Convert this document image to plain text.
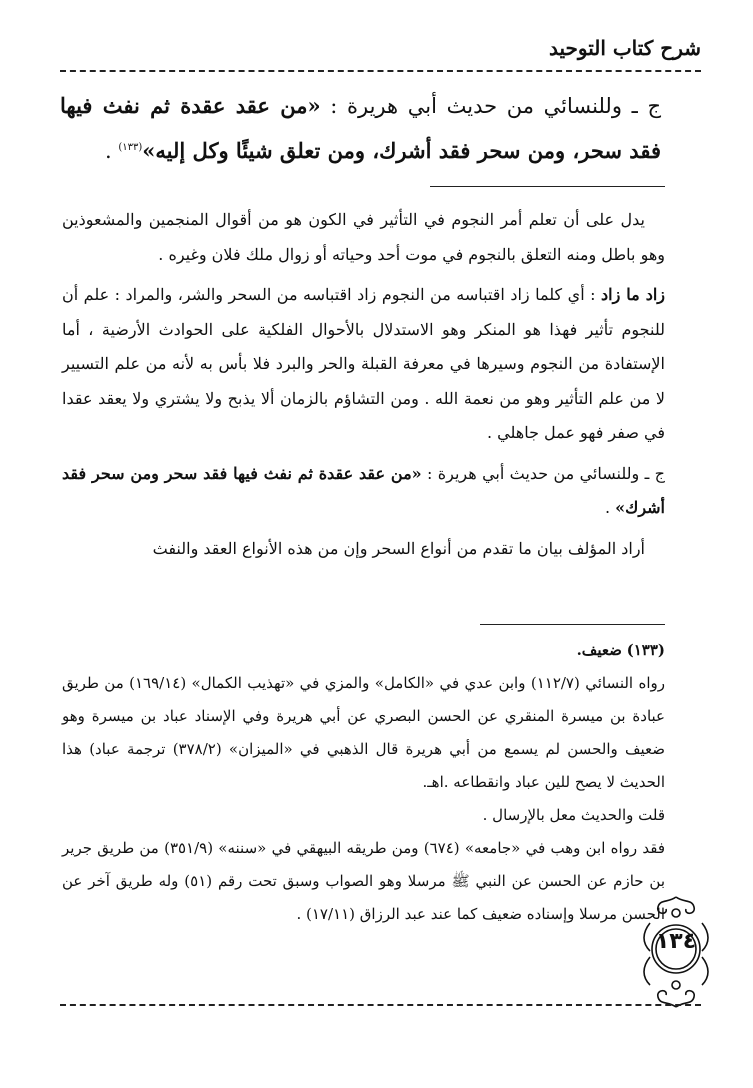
شرح كتاب التوحيد
ج ـ وللنسائي من حديث أبي هريرة : «من عقد عقدة ثم نفث فيها فقد سحر، ومن سحر فقد أشرك، ومن تعلق شيئًا وكل إليه»$^{(١٣٣)}$ .

يدل على أن تعلم أمر النجوم في التأثير في الكون هو من أقوال المنجمين والمشعوذين وهو باطل ومنه التعلق بالنجوم في موت أحد وحياته أو زوال ملك فلان وغيره .

زاد ما زاد : أي كلما زاد اقتباسه من النجوم زاد اقتباسه من السحر والشر، والمراد : علم أن للنجوم تأثير فهذا هو المنكر وهو الاستدلال بالأحوال الفلكية على الحوادث الأرضية ، أما الإستفادة من النجوم وسيرها في معرفة القبلة والحر والبرد فلا بأس به لأنه من علم التسيير لا من علم التأثير وهو من نعمة الله . ومن التشاؤم بالزمان ألا يذبح ولا يشتري ولا يعقد عقدا في صفر فهو عمل جاهلي .

ج ـ وللنسائي من حديث أبي هريرة : «من عقد عقدة ثم نفث فيها فقد سحر ومن سحر فقد أشرك» .

أراد المؤلف بيان ما تقدم من أنواع السحر وإن من هذه الأنواع العقد والنفث

(١٣٣) ضعيف.

رواه النسائي (١١٢/٧) وابن عدي في «الكامل» والمزي في «تهذيب الكمال» (١٦٩/١٤) من طريق عبادة بن ميسرة المنقري عن الحسن البصري عن أبي هريرة وفي الإسناد عباد بن ميسرة وهو ضعيف والحسن لم يسمع من أبي هريرة قال الذهبي في «الميزان» (٣٧٨/٢) ترجمة عباد) هذا الحديث لا يصح للين عباد وانقطاعه .اهـ.

قلت والحديث معل بالإرسال .

فقد رواه ابن وهب في «جامعه» (٦٧٤) ومن طريقه البيهقي في «سننه» (٣٥١/٩) من طريق جرير بن حازم عن الحسن عن النبي ﷺ مرسلا وهو الصواب وسبق تحت رقم (٥١) وله طريق آخر عن الحسن مرسلا وإسناده ضعيف كما عند عبد الرزاق (١٧/١١) .

١٣٤
